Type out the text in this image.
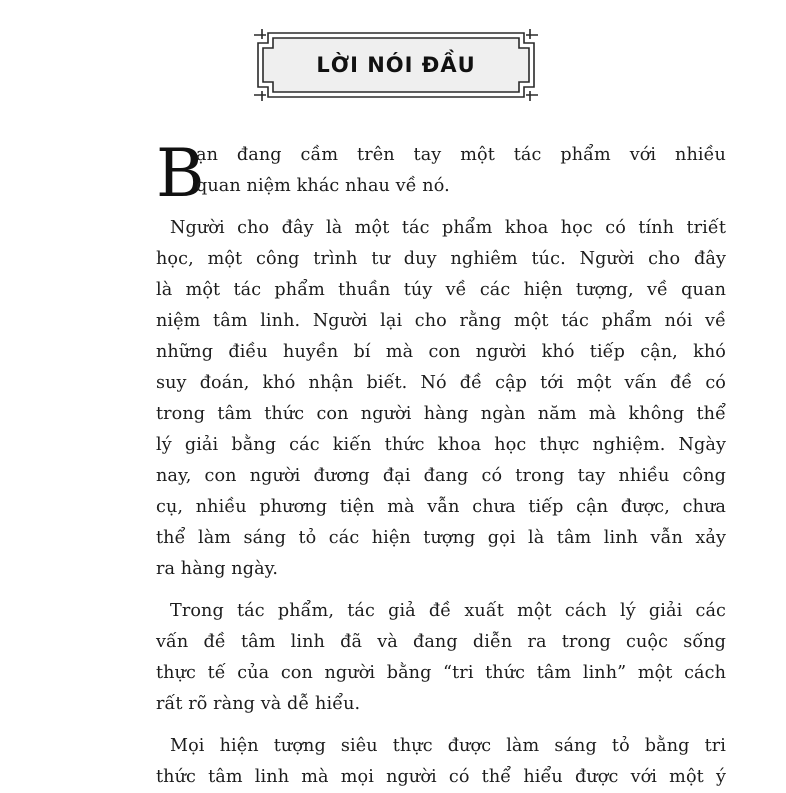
LỜI NÓI ĐẦU
B
ạn đang cầm trên tay một tác phẩm với nhiều
quan niệm khác nhau về nó.
Người cho đây là một tác phẩm khoa học có tính triết
học, một công trình tư duy nghiêm túc. Người cho đây
là một tác phẩm thuần túy về các hiện tượng, về quan
niệm tâm linh. Người lại cho rằng một tác phẩm nói về
những điều huyền bí mà con người khó tiếp cận, khó
suy đoán, khó nhận biết. Nó đề cập tới một vấn đề có
trong tâm thức con người hàng ngàn năm mà không thể
lý giải bằng các kiến thức khoa học thực nghiệm. Ngày
nay, con người đương đại đang có trong tay nhiều công
cụ, nhiều phương tiện mà vẫn chưa tiếp cận được, chưa
thể làm sáng tỏ các hiện tượng gọi là tâm linh vẫn xảy
ra hàng ngày.
Trong tác phẩm, tác giả đề xuất một cách lý giải các
vấn đề tâm linh đã và đang diễn ra trong cuộc sống
thực tế của con người bằng “tri thức tâm linh” một cách
rất rõ ràng và dễ hiểu.
Mọi hiện tượng siêu thực được làm sáng tỏ bằng tri
thức tâm linh mà mọi người có thể hiểu được với một ý
